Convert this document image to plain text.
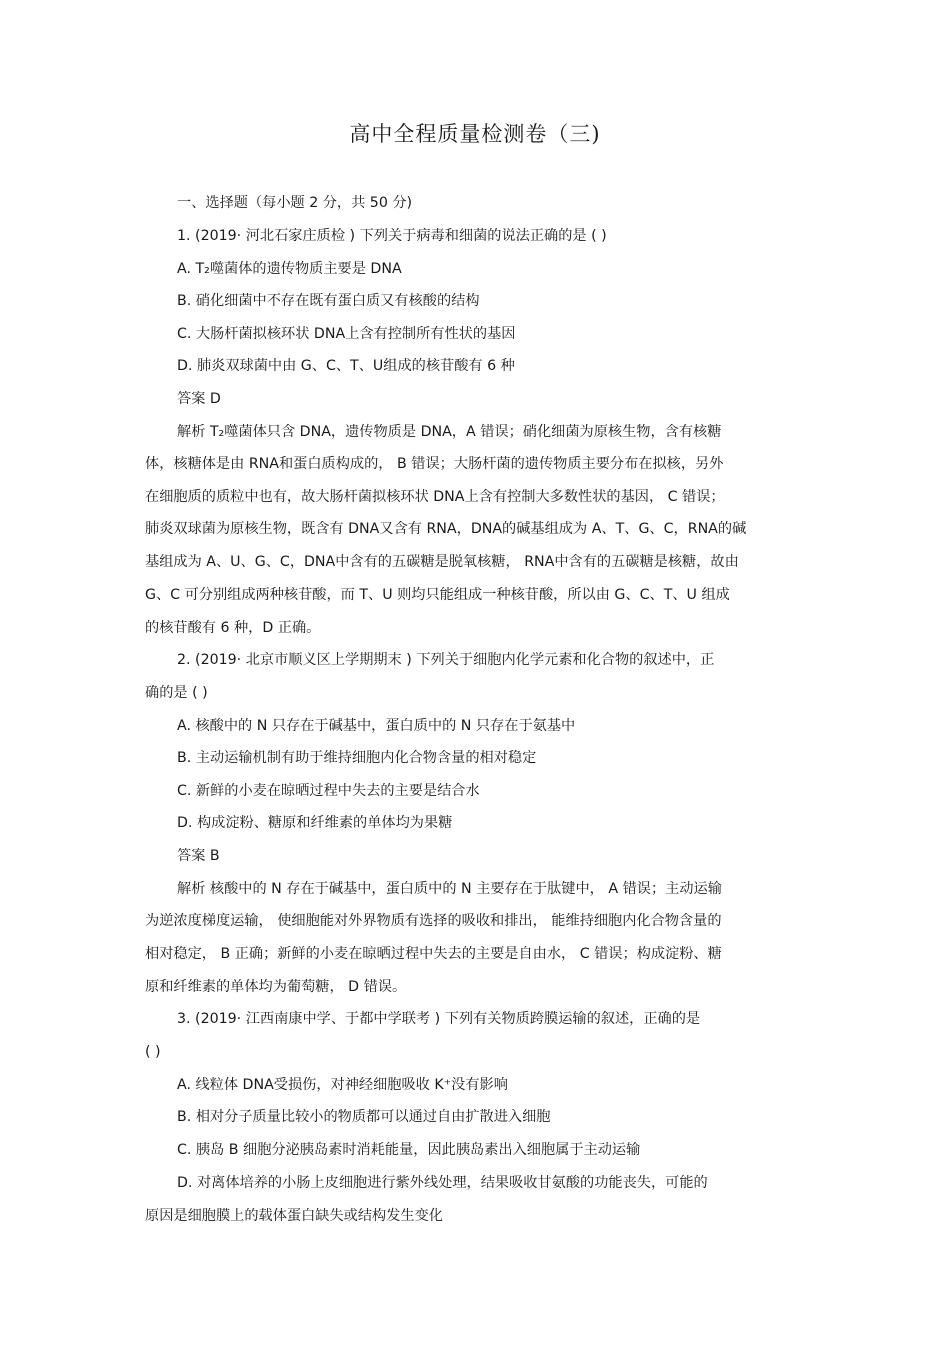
高中全程质量检测卷（三)
一、选择题（每小题 2 分，共 50 分)
1. (2019· 河北石家庄质检 ) 下列关于病毒和细菌的说法正确的是 ( )
A. T₂噬菌体的遗传物质主要是 DNA
B. 硝化细菌中不存在既有蛋白质又有核酸的结构
C. 大肠杆菌拟核环状 DNA上含有控制所有性状的基因
D. 肺炎双球菌中由 G、C、T、U组成的核苷酸有 6 种
答案 D
解析 T₂噬菌体只含 DNA，遗传物质是 DNA，A 错误；硝化细菌为原核生物，含有核糖
体，核糖体是由 RNA和蛋白质构成的， B 错误；大肠杆菌的遗传物质主要分布在拟核，另外
在细胞质的质粒中也有，故大肠杆菌拟核环状 DNA上含有控制大多数性状的基因， C 错误；
肺炎双球菌为原核生物，既含有 DNA又含有 RNA，DNA的碱基组成为 A、T、G、C，RNA的碱
基组成为 A、U、G、C，DNA中含有的五碳糖是脱氧核糖， RNA中含有的五碳糖是核糖，故由
G、C 可分别组成两种核苷酸，而 T、U 则均只能组成一种核苷酸，所以由 G、C、T、U 组成
的核苷酸有 6 种，D 正确。
2. (2019· 北京市顺义区上学期期末 ) 下列关于细胞内化学元素和化合物的叙述中，正
确的是 ( )
A. 核酸中的 N 只存在于碱基中，蛋白质中的 N 只存在于氨基中
B. 主动运输机制有助于维持细胞内化合物含量的相对稳定
C. 新鲜的小麦在晾晒过程中失去的主要是结合水
D. 构成淀粉、糖原和纤维素的单体均为果糖
答案 B
解析 核酸中的 N 存在于碱基中，蛋白质中的 N 主要存在于肽键中， A 错误；主动运输
为逆浓度梯度运输， 使细胞能对外界物质有选择的吸收和排出， 能维持细胞内化合物含量的
相对稳定， B 正确；新鲜的小麦在晾晒过程中失去的主要是自由水， C 错误；构成淀粉、糖
原和纤维素的单体均为葡萄糖， D 错误。
3. (2019· 江西南康中学、于都中学联考 ) 下列有关物质跨膜运输的叙述，正确的是
( )
A. 线粒体 DNA受损伤，对神经细胞吸收 K⁺没有影响
B. 相对分子质量比较小的物质都可以通过自由扩散进入细胞
C. 胰岛 B 细胞分泌胰岛素时消耗能量，因此胰岛素出入细胞属于主动运输
D. 对离体培养的小肠上皮细胞进行紫外线处理，结果吸收甘氨酸的功能丧失，可能的
原因是细胞膜上的载体蛋白缺失或结构发生变化
